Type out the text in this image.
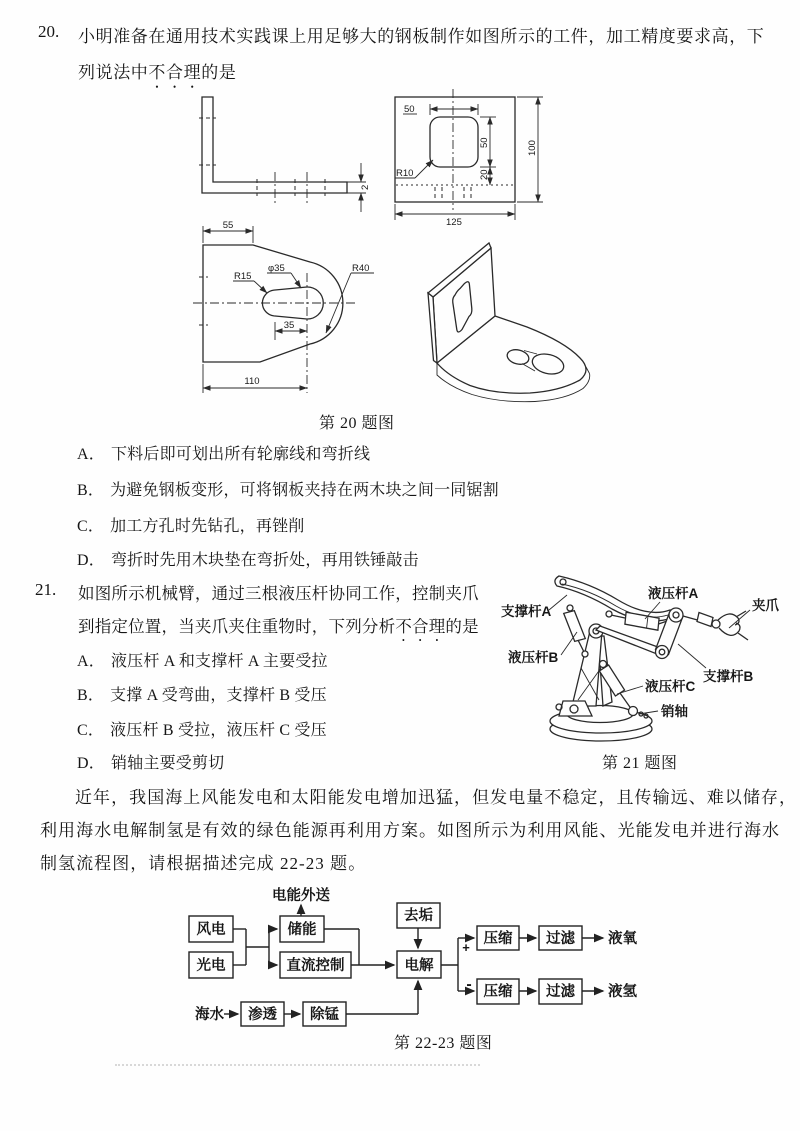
20. 小明准备在通用技术实践课上用足够大的钢板制作如图所示的工件，加工精度要求高，下
列说法中不合理的是
2
50
50
20
100
125
R10
R15
φ35	R40
35
55
110
第 20 题图
A． 下料后即可划出所有轮廓线和弯折线
B． 为避免钢板变形，可将钢板夹持在两木块之间一同锯割
C． 加工方孔时先钻孔，再锉削
D． 弯折时先用木块垫在弯折处，再用铁锤敲击
21. 如图所示机械臂，通过三根液压杆协同工作，控制夹爪
到指定位置，当夹爪夹住重物时，下列分析不合理的是
A． 液压杆 A 和支撑杆 A 主要受拉
B． 支撑 A 受弯曲，支撑杆 B 受压
C． 液压杆 B 受拉，液压杆 C 受压
D． 销轴主要受剪切
支撑杆A
液压杆A
夹爪
液压杆B
支撑杆B
液压杆C
销轴
第 21 题图
近年，我国海上风能发电和太阳能发电增加迅猛，但发电量不稳定，且传输远、难以储存，
利用海水电解制氢是有效的绿色能源再利用方案。如图所示为利用风能、光能发电并进行海水
制氢流程图，请根据描述完成 22-23 题。
电能外送
风电
光电
储能
直流控制
去垢
电解
压缩 过滤
压缩 过滤
渗透 除锰
海水
液氧
液氢
+
-
第 22-23 题图
